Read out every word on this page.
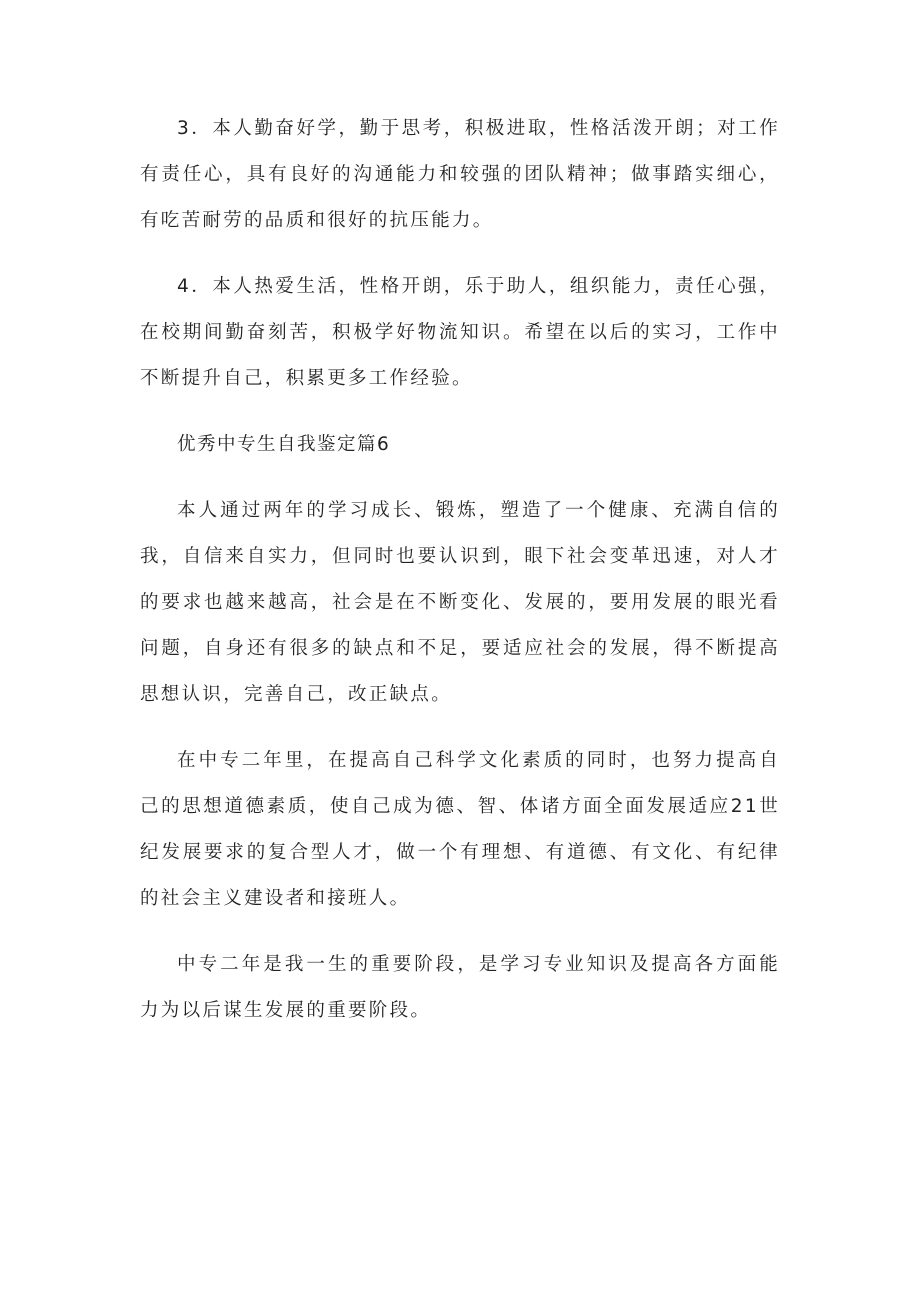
3．本人勤奋好学，勤于思考，积极进取，性格活泼开朗；对工作有责任心，具有良好的沟通能力和较强的团队精神；做事踏实细心，有吃苦耐劳的品质和很好的抗压能力。

4．本人热爱生活，性格开朗，乐于助人，组织能力，责任心强，在校期间勤奋刻苦，积极学好物流知识。希望在以后的实习，工作中不断提升自己，积累更多工作经验。

优秀中专生自我鉴定篇6

本人通过两年的学习成长、锻炼，塑造了一个健康、充满自信的我，自信来自实力，但同时也要认识到，眼下社会变革迅速，对人才的要求也越来越高，社会是在不断变化、发展的，要用发展的眼光看问题，自身还有很多的缺点和不足，要适应社会的发展，得不断提高思想认识，完善自己，改正缺点。

在中专二年里，在提高自己科学文化素质的同时，也努力提高自己的思想道德素质，使自己成为德、智、体诸方面全面发展适应21世纪发展要求的复合型人才，做一个有理想、有道德、有文化、有纪律的社会主义建设者和接班人。

中专二年是我一生的重要阶段，是学习专业知识及提高各方面能力为以后谋生发展的重要阶段。
